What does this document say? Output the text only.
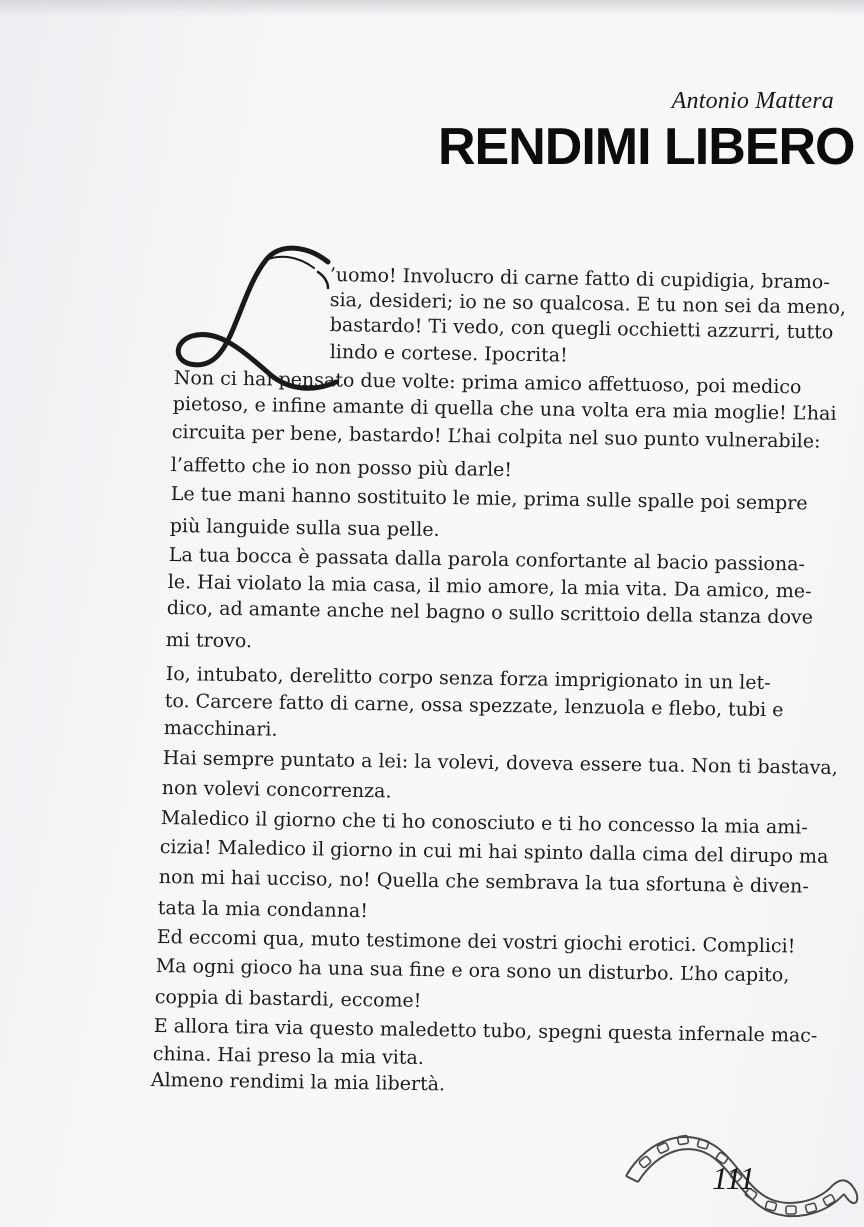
Antonio Mattera
RENDIMI LIBERO
’uomo! Involucro di carne fatto di cupidigia, bramo-
sia, desideri; io ne so qualcosa. E tu non sei da meno,
bastardo! Ti vedo, con quegli occhietti azzurri, tutto
lindo e cortese. Ipocrita!
Non ci hai pensato due volte: prima amico affettuoso, poi medico
pietoso, e infine amante di quella che una volta era mia moglie! L’hai
circuita per bene, bastardo! L’hai colpita nel suo punto vulnerabile:
l’affetto che io non posso più darle!
Le tue mani hanno sostituito le mie, prima sulle spalle poi sempre
più languide sulla sua pelle.
La tua bocca è passata dalla parola confortante al bacio passiona-
le. Hai violato la mia casa, il mio amore, la mia vita. Da amico, me-
dico, ad amante anche nel bagno o sullo scrittoio della stanza dove
mi trovo.
Io, intubato, derelitto corpo senza forza imprigionato in un let-
to. Carcere fatto di carne, ossa spezzate, lenzuola e flebo, tubi e
macchinari.
Hai sempre puntato a lei: la volevi, doveva essere tua. Non ti bastava,
non volevi concorrenza.
Maledico il giorno che ti ho conosciuto e ti ho concesso la mia ami-
cizia! Maledico il giorno in cui mi hai spinto dalla cima del dirupo ma
non mi hai ucciso, no! Quella che sembrava la tua sfortuna è diven-
tata la mia condanna!
Ed eccomi qua, muto testimone dei vostri giochi erotici. Complici!
Ma ogni gioco ha una sua fine e ora sono un disturbo. L’ho capito,
coppia di bastardi, eccome!
E allora tira via questo maledetto tubo, spegni questa infernale mac-
china. Hai preso la mia vita.
Almeno rendimi la mia libertà.
111
